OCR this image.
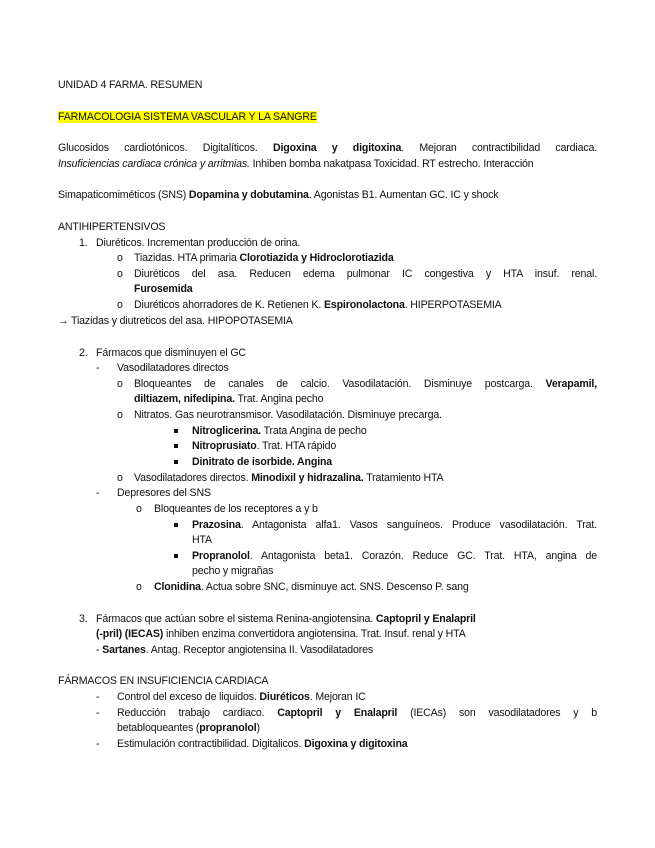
UNIDAD 4 FARMA. RESUMEN
FARMACOLOGIA SISTEMA VASCULAR Y LA SANGRE
Glucosidos cardiotónicos. Digitalíticos. Digoxina y digitoxina. Mejoran contractibilidad cardiaca.
Insuficiencias cardiaca crónica y arritmias. Inhiben bomba nakatpasa Toxicidad. RT estrecho. Interacción
Simapaticomiméticos (SNS) Dopamina y dobutamina. Agonistas B1. Aumentan GC. IC y shock
ANTIHIPERTENSIVOS
1. Diuréticos. Incrementan producción de orina.
o Tiazidas. HTA primaria Clorotiazida y Hidroclorotiazida
o Diuréticos del asa. Reducen edema pulmonar IC congestiva y HTA insuf. renal.
Furosemida
o Diuréticos ahorradores de K. Retienen K. Espironolactona. HIPERPOTASEMIA
→ Tiazidas y diutreticos del asa. HIPOPOTASEMIA
2. Fármacos que disminuyen el GC
- Vasodilatadores directos
o Bloqueantes de canales de calcio. Vasodilatación. Disminuye postcarga. Verapamil,
diltiazem, nifedipina. Trat. Angina pecho
o Nitratos. Gas neurotransmisor. Vasodilatación. Disminuye precarga.
Nitroglicerina. Trata Angina de pecho
Nitroprusiato. Trat. HTA rápido
Dinitrato de isorbide. Angina
o Vasodilatadores directos. Minodixil y hidrazalina. Tratamiento HTA
- Depresores del SNS
o Bloqueantes de los receptores a y b
Prazosina. Antagonista alfa1. Vasos sanguíneos. Produce vasodilatación. Trat.
HTA
Propranolol. Antagonista beta1. Corazón. Reduce GC. Trat. HTA, angina de
pecho y migrañas
o Clonidina. Actua sobre SNC, disminuye act. SNS. Descenso P. sang
3. Fármacos que actúan sobre el sistema Renina-angiotensina. Captopril y Enalapril
(-pril) (IECAS) inhiben enzima convertidora angiotensina. Trat. Insuf. renal y HTA
- Sartanes. Antag. Receptor angiotensina II. Vasodilatadores
FÁRMACOS EN INSUFICIENCIA CARDIACA
- Control del exceso de liquidos. Diuréticos. Mejoran IC
- Reducción trabajo cardiaco. Captopril y Enalapril (IECAs) son vasodilatadores y b
betabloqueantes (propranolol)
- Estimulación contractibilidad. Digitalicos. Digoxina y digitoxina
